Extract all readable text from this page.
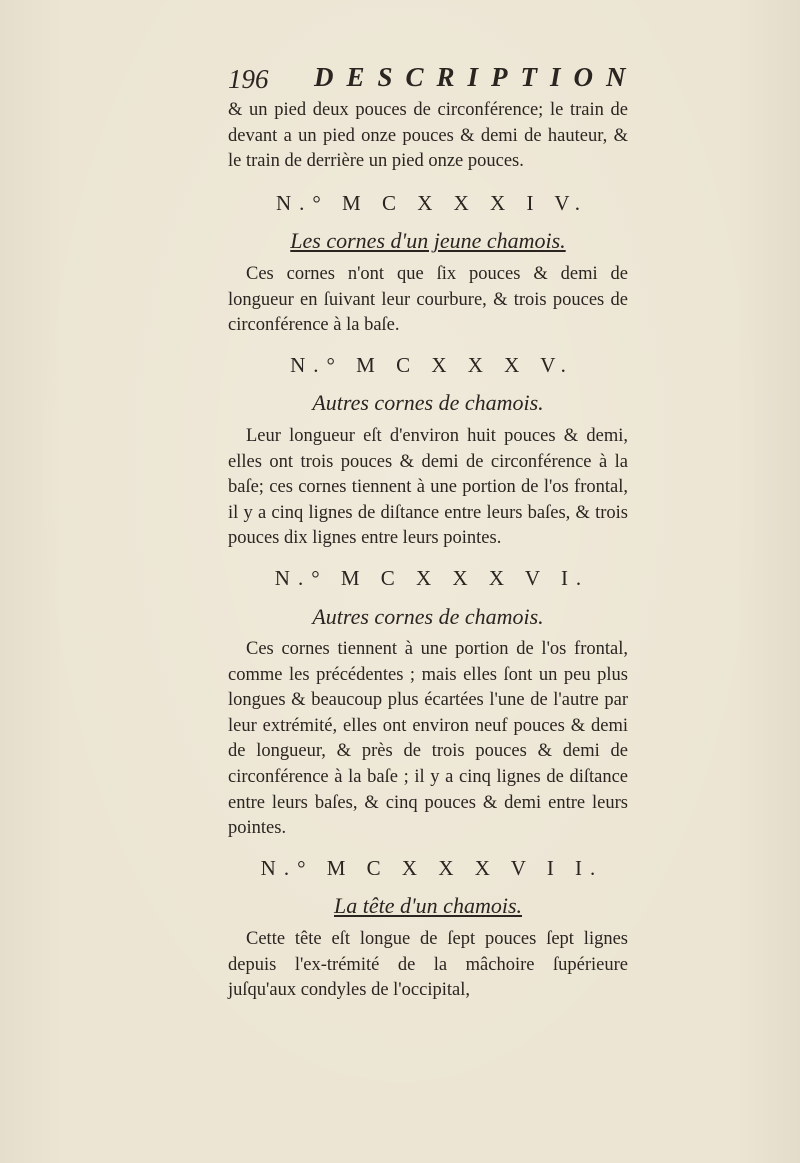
196 DESCRIPTION

& un pied deux pouces de circonférence; le train de devant a un pied onze pouces & demi de hauteur, & le train de derrière un pied onze pouces.

N.° M C X X X I V.
Les cornes d'un jeune chamois.

Ces cornes n'ont que ſix pouces & demi de longueur en ſuivant leur courbure, & trois pouces de circonférence à la baſe.

N.° M C X X X V.
Autres cornes de chamois.

Leur longueur eſt d'environ huit pouces & demi, elles ont trois pouces & demi de circonférence à la baſe; ces cornes tiennent à une portion de l'os frontal, il y a cinq lignes de diſtance entre leurs baſes, & trois pouces dix lignes entre leurs pointes.

N.° M C X X X V I.
Autres cornes de chamois.

Ces cornes tiennent à une portion de l'os frontal, comme les précédentes ; mais elles ſont un peu plus longues & beaucoup plus écartées l'une de l'autre par leur extrémité, elles ont environ neuf pouces & demi de longueur, & près de trois pouces & demi de circonférence à la baſe ; il y a cinq lignes de diſtance entre leurs baſes, & cinq pouces & demi entre leurs pointes.

N.° M C X X X V I I.
La tête d'un chamois.

Cette tête eſt longue de ſept pouces ſept lignes depuis l'ex-trémité de la mâchoire ſupérieure juſqu'aux condyles de l'occipital,
